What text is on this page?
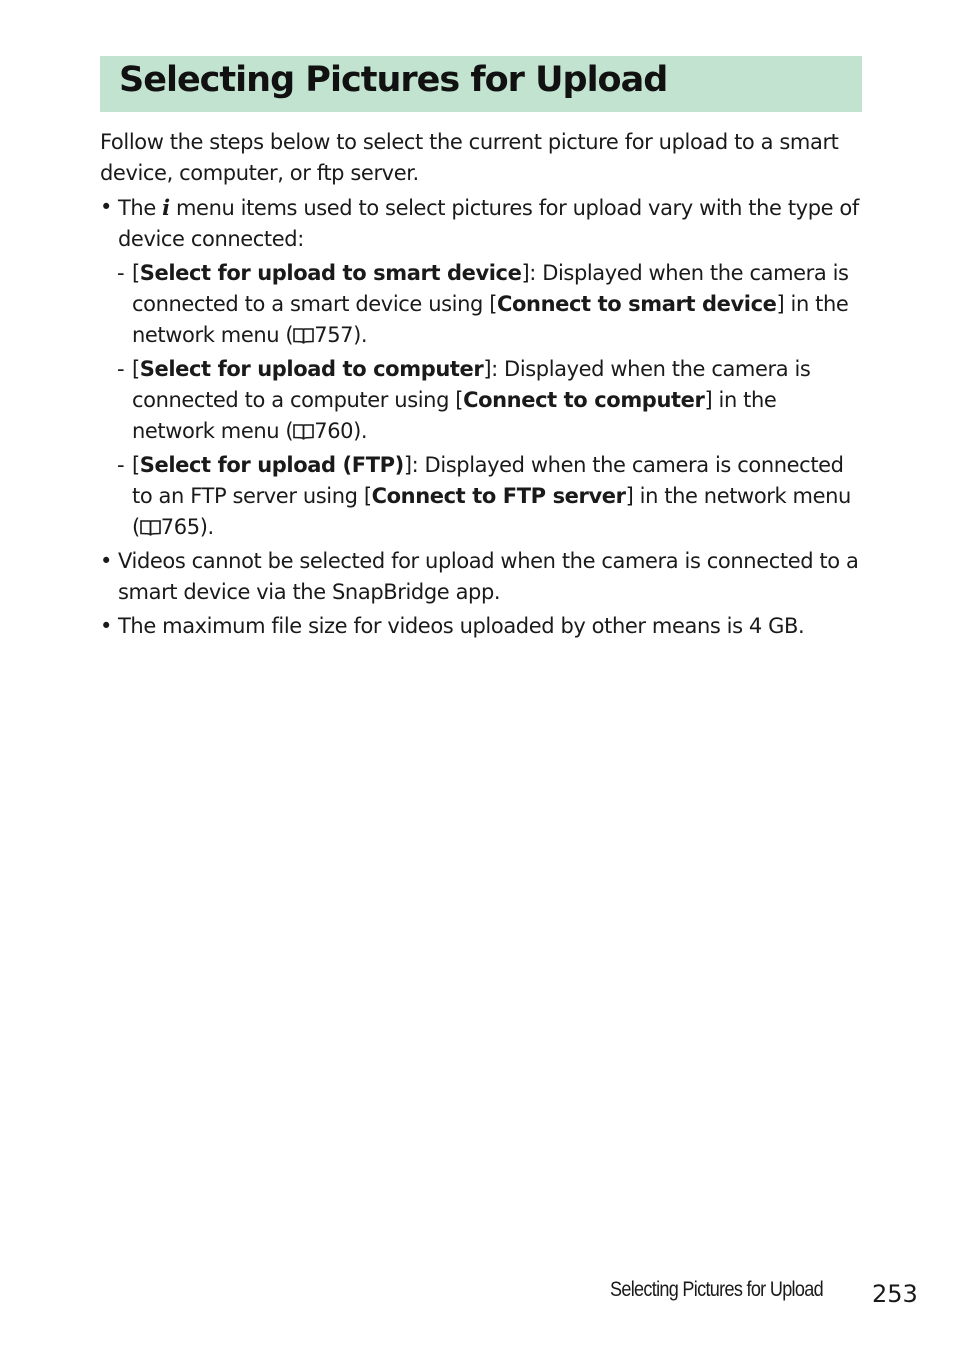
Selecting Pictures for Upload

Follow the steps below to select the current picture for upload to a smart device, computer, or ftp server.

• The i menu items used to select pictures for upload vary with the type of device connected:
- [Select for upload to smart device]: Displayed when the camera is connected to a smart device using [Connect to smart device] in the network menu ( 757).
- [Select for upload to computer]: Displayed when the camera is connected to a computer using [Connect to computer] in the network menu ( 760).
- [Select for upload (FTP)]: Displayed when the camera is connected to an FTP server using [Connect to FTP server] in the network menu ( 765).
• Videos cannot be selected for upload when the camera is connected to a smart device via the SnapBridge app.
• The maximum file size for videos uploaded by other means is 4 GB.
Selecting Pictures for Upload 253
